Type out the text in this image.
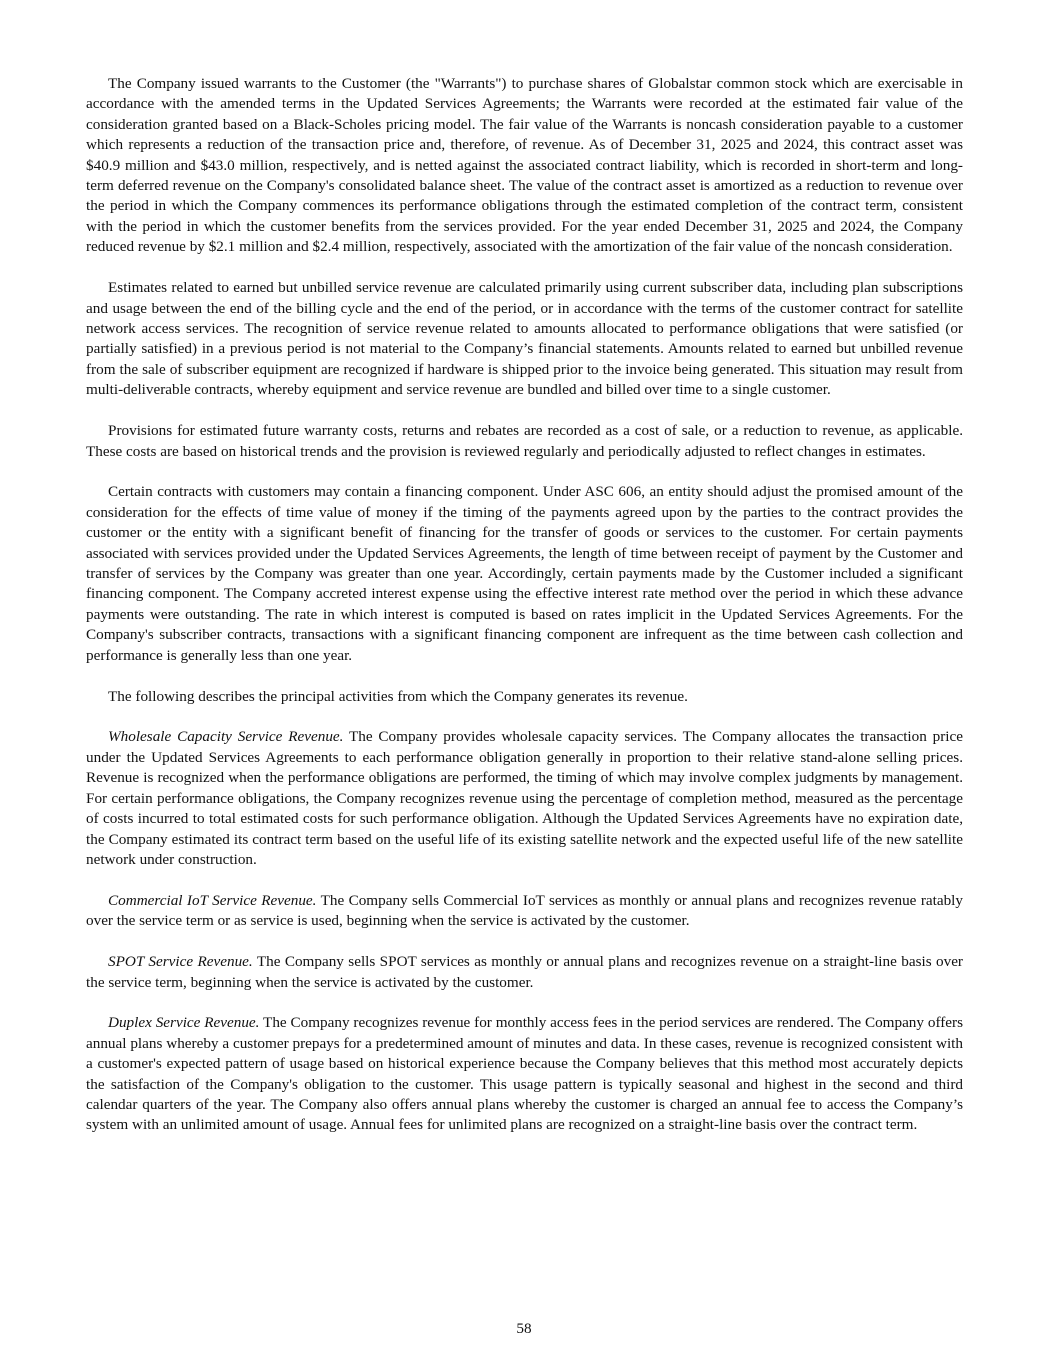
The Company issued warrants to the Customer (the "Warrants") to purchase shares of Globalstar common stock which are exercisable in accordance with the amended terms in the Updated Services Agreements; the Warrants were recorded at the estimated fair value of the consideration granted based on a Black-Scholes pricing model. The fair value of the Warrants is noncash consideration payable to a customer which represents a reduction of the transaction price and, therefore, of revenue. As of December 31, 2025 and 2024, this contract asset was $40.9 million and $43.0 million, respectively, and is netted against the associated contract liability, which is recorded in short-term and long-term deferred revenue on the Company's consolidated balance sheet. The value of the contract asset is amortized as a reduction to revenue over the period in which the Company commences its performance obligations through the estimated completion of the contract term, consistent with the period in which the customer benefits from the services provided. For the year ended December 31, 2025 and 2024, the Company reduced revenue by $2.1 million and $2.4 million, respectively, associated with the amortization of the fair value of the noncash consideration.

Estimates related to earned but unbilled service revenue are calculated primarily using current subscriber data, including plan subscriptions and usage between the end of the billing cycle and the end of the period, or in accordance with the terms of the customer contract for satellite network access services. The recognition of service revenue related to amounts allocated to performance obligations that were satisfied (or partially satisfied) in a previous period is not material to the Company’s financial statements. Amounts related to earned but unbilled revenue from the sale of subscriber equipment are recognized if hardware is shipped prior to the invoice being generated. This situation may result from multi-deliverable contracts, whereby equipment and service revenue are bundled and billed over time to a single customer.

Provisions for estimated future warranty costs, returns and rebates are recorded as a cost of sale, or a reduction to revenue, as applicable. These costs are based on historical trends and the provision is reviewed regularly and periodically adjusted to reflect changes in estimates.

Certain contracts with customers may contain a financing component. Under ASC 606, an entity should adjust the promised amount of the consideration for the effects of time value of money if the timing of the payments agreed upon by the parties to the contract provides the customer or the entity with a significant benefit of financing for the transfer of goods or services to the customer. For certain payments associated with services provided under the Updated Services Agreements, the length of time between receipt of payment by the Customer and transfer of services by the Company was greater than one year. Accordingly, certain payments made by the Customer included a significant financing component. The Company accreted interest expense using the effective interest rate method over the period in which these advance payments were outstanding. The rate in which interest is computed is based on rates implicit in the Updated Services Agreements. For the Company's subscriber contracts, transactions with a significant financing component are infrequent as the time between cash collection and performance is generally less than one year.

The following describes the principal activities from which the Company generates its revenue.

Wholesale Capacity Service Revenue. The Company provides wholesale capacity services. The Company allocates the transaction price under the Updated Services Agreements to each performance obligation generally in proportion to their relative stand-alone selling prices. Revenue is recognized when the performance obligations are performed, the timing of which may involve complex judgments by management. For certain performance obligations, the Company recognizes revenue using the percentage of completion method, measured as the percentage of costs incurred to total estimated costs for such performance obligation. Although the Updated Services Agreements have no expiration date, the Company estimated its contract term based on the useful life of its existing satellite network and the expected useful life of the new satellite network under construction.

Commercial IoT Service Revenue. The Company sells Commercial IoT services as monthly or annual plans and recognizes revenue ratably over the service term or as service is used, beginning when the service is activated by the customer.

SPOT Service Revenue. The Company sells SPOT services as monthly or annual plans and recognizes revenue on a straight-line basis over the service term, beginning when the service is activated by the customer.

Duplex Service Revenue. The Company recognizes revenue for monthly access fees in the period services are rendered. The Company offers annual plans whereby a customer prepays for a predetermined amount of minutes and data. In these cases, revenue is recognized consistent with a customer's expected pattern of usage based on historical experience because the Company believes that this method most accurately depicts the satisfaction of the Company's obligation to the customer. This usage pattern is typically seasonal and highest in the second and third calendar quarters of the year. The Company also offers annual plans whereby the customer is charged an annual fee to access the Company’s system with an unlimited amount of usage. Annual fees for unlimited plans are recognized on a straight-line basis over the contract term.

58
